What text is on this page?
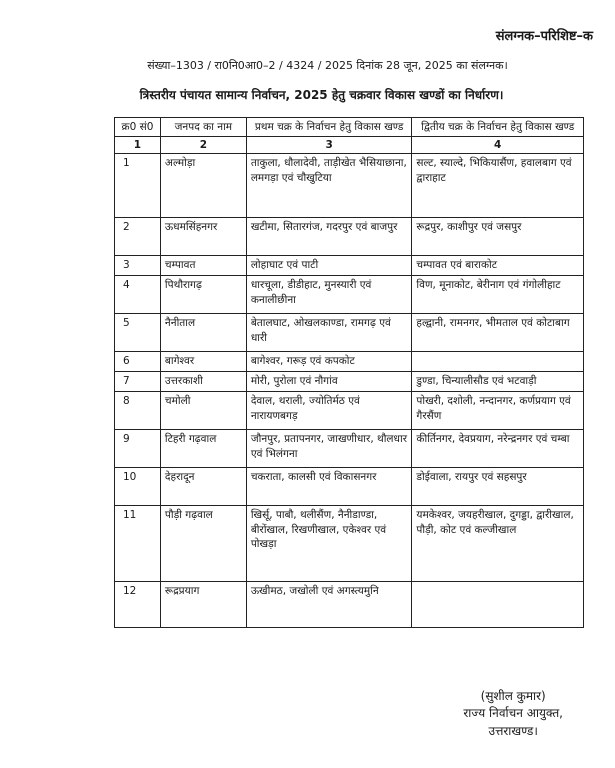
संलग्नक–परिशिष्ट–क
संख्या–1303 / रा0नि0आ0–2 / 4324 / 2025 दिनांक 28 जून, 2025 का संलग्नक।
त्रिस्तरीय पंचायत सामान्य निर्वाचन, 2025 हेतु चक्रवार विकास खण्डों का निर्धारण।
क्र0 सं0	जनपद का नाम	प्रथम चक्र के निर्वाचन हेतु विकास खण्ड	द्वितीय चक्र के निर्वाचन हेतु विकास खण्ड
1	2	3	4
1	अल्मोड़ा	ताकुला, धौलादेवी, ताड़ीखेत भैसियाछाना, लमगड़ा एवं चौखुटिया	सल्ट, स्याल्दे, भिकियासैंण, हवालबाग एवं द्वाराहाट
2	ऊधमसिंहनगर	खटीमा, सितारगंज, गदरपुर एवं बाजपुर	रूद्रपुर, काशीपुर एवं जसपुर
3	चम्पावत	लोहाघाट एवं पाटी	चम्पावत एवं बाराकोट
4	पिथौरागढ़	धारचूला, डीडीहाट, मुनस्यारी एवं कनालीछीना	विण, मूनाकोट, बेरीनाग एवं गंगोलीहाट
5	नैनीताल	बेतालघाट, ओखलकाण्डा, रामगढ़ एवं धारी	हल्द्वानी, रामनगर, भीमताल एवं कोटाबाग
6	बागेश्वर	बागेश्वर, गरूड़ एवं कपकोट	
7	उत्तरकाशी	मोरी, पुरोला एवं नौगांव	डुण्डा, चिन्यालीसौड एवं भटवाड़ी
8	चमोली	देवाल, थराली, ज्योतिर्मठ एवं नारायणबगड़	पोखरी, दशोली, नन्दानगर, कर्णप्रयाग एवं गैरसैंण
9	टिहरी गढ़वाल	जौनपुर, प्रतापनगर, जाखणीधार, थौलधार एवं भिलंगना	कीर्तिनगर, देवप्रयाग, नरेन्द्रनगर एवं चम्बा
10	देहरादून	चकराता, कालसी एवं विकासनगर	डोईवाला, रायपुर एवं सहसपुर
11	पौड़ी गढ़वाल	खिर्सू, पाबौ, थलीसैंण, नैनीडाण्डा, बीरोंखाल, रिखणीखाल, एकेश्वर एवं पोखड़ा	यमकेश्वर, जयहरीखाल, दुगड्डा, द्वारीखाल, पौड़ी, कोट एवं कल्जीखाल
12	रूद्रप्रयाग	ऊखीमठ, जखोली एवं अगस्त्यमुनि	
(सुशील कुमार)
राज्य निर्वाचन आयुक्त,
उत्तराखण्ड।
